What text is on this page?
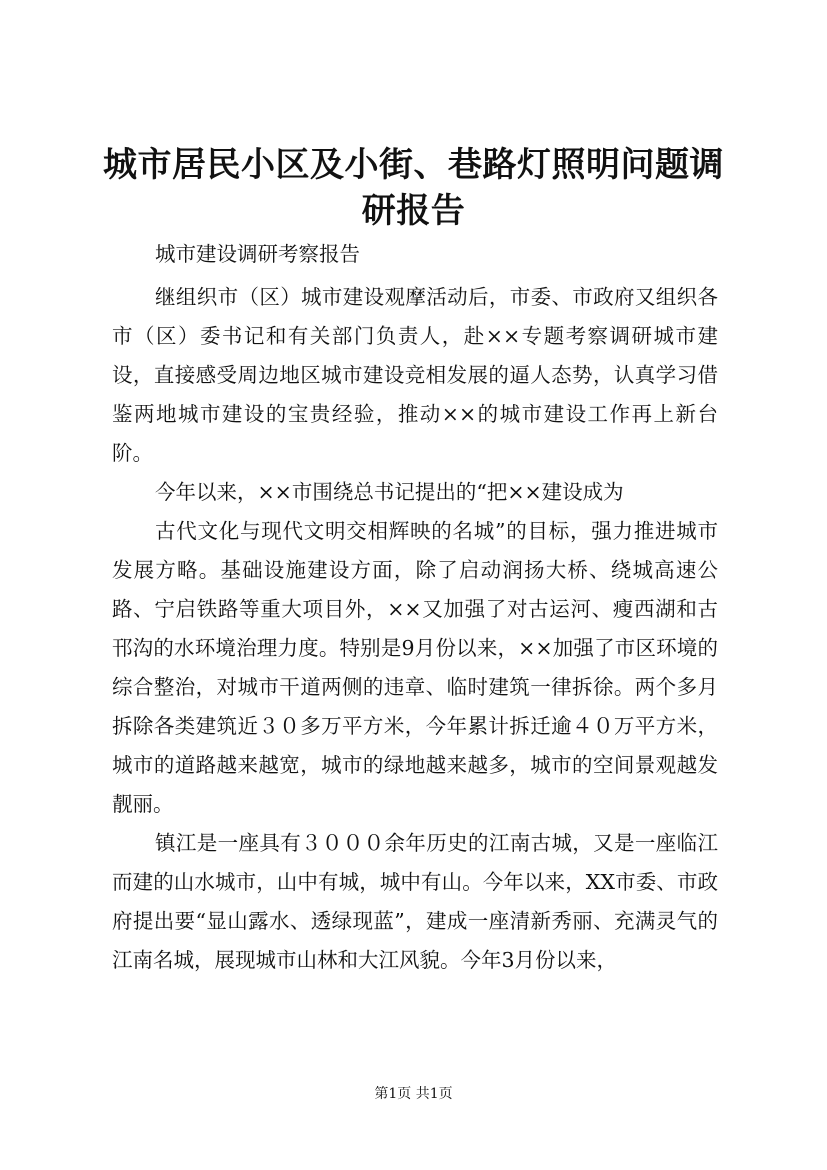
城市居民小区及小街、巷路灯照明问题调研报告

城市建设调研考察报告

继组织市（区）城市建设观摩活动后，市委、市政府又组织各市（区）委书记和有关部门负责人，赴××专题考察调研城市建设，直接感受周边地区城市建设竞相发展的逼人态势，认真学习借鉴两地城市建设的宝贵经验，推动××的城市建设工作再上新台阶。

今年以来，××市围绕总书记提出的“把××建设成为

古代文化与现代文明交相辉映的名城”的目标，强力推进城市发展方略。基础设施建设方面，除了启动润扬大桥、绕城高速公路、宁启铁路等重大项目外，××又加强了对古运河、瘦西湖和古邗沟的水环境治理力度。特别是9月份以来，××加强了市区环境的综合整治，对城市干道两侧的违章、临时建筑一律拆徐。两个多月拆除各类建筑近３０多万平方米，今年累计拆迁逾４０万平方米，城市的道路越来越宽，城市的绿地越来越多，城市的空间景观越发靓丽。

镇江是一座具有３０００余年历史的江南古城，又是一座临江而建的山水城市，山中有城，城中有山。今年以来，XX市委、市政府提出要“显山露水、透绿现蓝”，建成一座清新秀丽、充满灵气的江南名城，展现城市山林和大江风貌。今年3月份以来，

第1页 共1页
